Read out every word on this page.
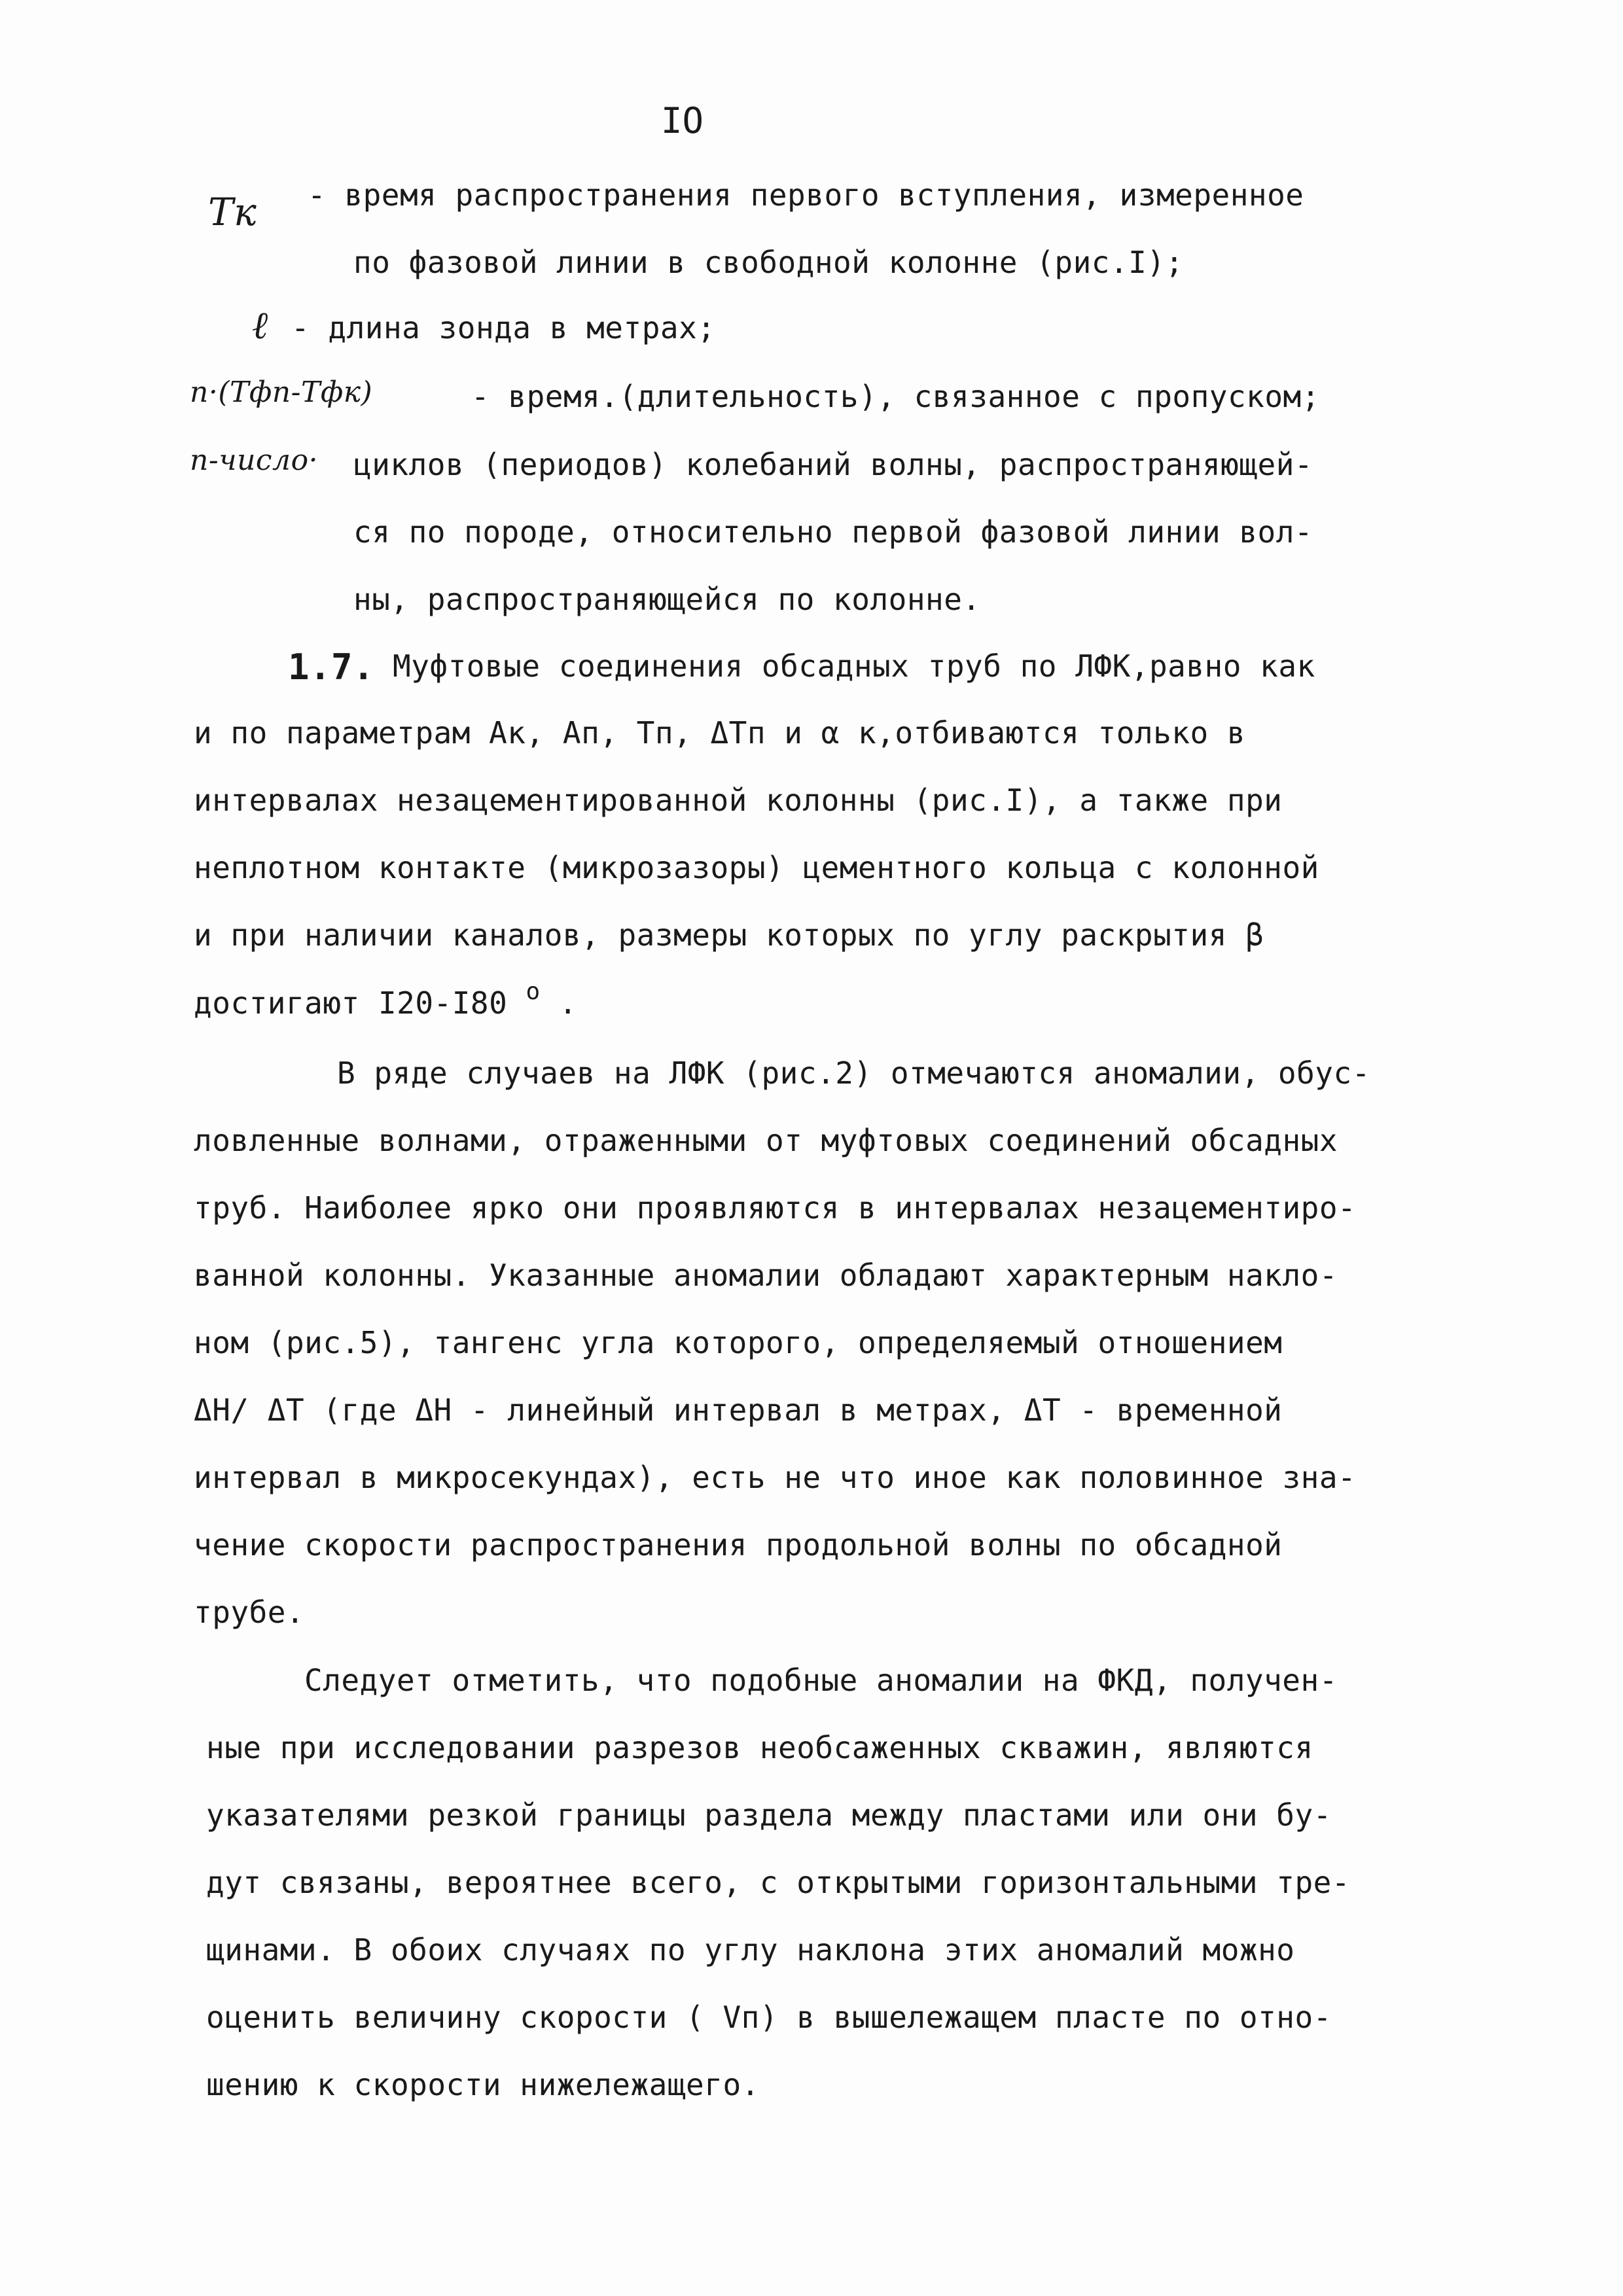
IO
Tк - время распространения первого вступления, измеренное
по фазовой линии в свободной колонне (рис.I);
ℓ - длина зонда в метрах;
n·(Tфп-Tфк)	- время.(длительность), связанное с пропуском;
n-число· циклов (периодов) колебаний волны, распространяющей-
ся по породе, относительно первой фазовой линии вол-
ны, распространяющейся по колонне.
1.7. Муфтовые соединения обсадных труб по ЛФК,равно как
и по параметрам Ак, Ап, Тп, ΔТп и α к,отбиваются только в
интервалах незацементированной колонны (рис.I), а также при
неплотном контакте (микрозазоры) цементного кольца с колонной
и при наличии каналов, размеры которых по углу раскрытия β
достигают I20-I80 $^o$ .
В ряде случаев на ЛФК (рис.2) отмечаются аномалии, обус-
ловленные волнами, отраженными от муфтовых соединений обсадных
труб. Наиболее ярко они проявляются в интервалах незацементиро-
ванной колонны. Указанные аномалии обладают характерным накло-
ном (рис.5), тангенс угла которого, определяемый отношением
ΔН/ ΔТ (где ΔН - линейный интервал в метрах, ΔТ - временной
интервал в микросекундах), есть не что иное как половинное зна-
чение скорости распространения продольной волны по обсадной
трубе.
Следует отметить, что подобные аномалии на ФКД, получен-
ные при исследовании разрезов необсаженных скважин, являются
указателями резкой границы раздела между пластами или они бу-
дут связаны, вероятнее всего, с открытыми горизонтальными тре-
щинами. В обоих случаях по углу наклона этих аномалий можно
оценить величину скорости ( Vп) в вышележащем пласте по отно-
шению к скорости нижележащего.
